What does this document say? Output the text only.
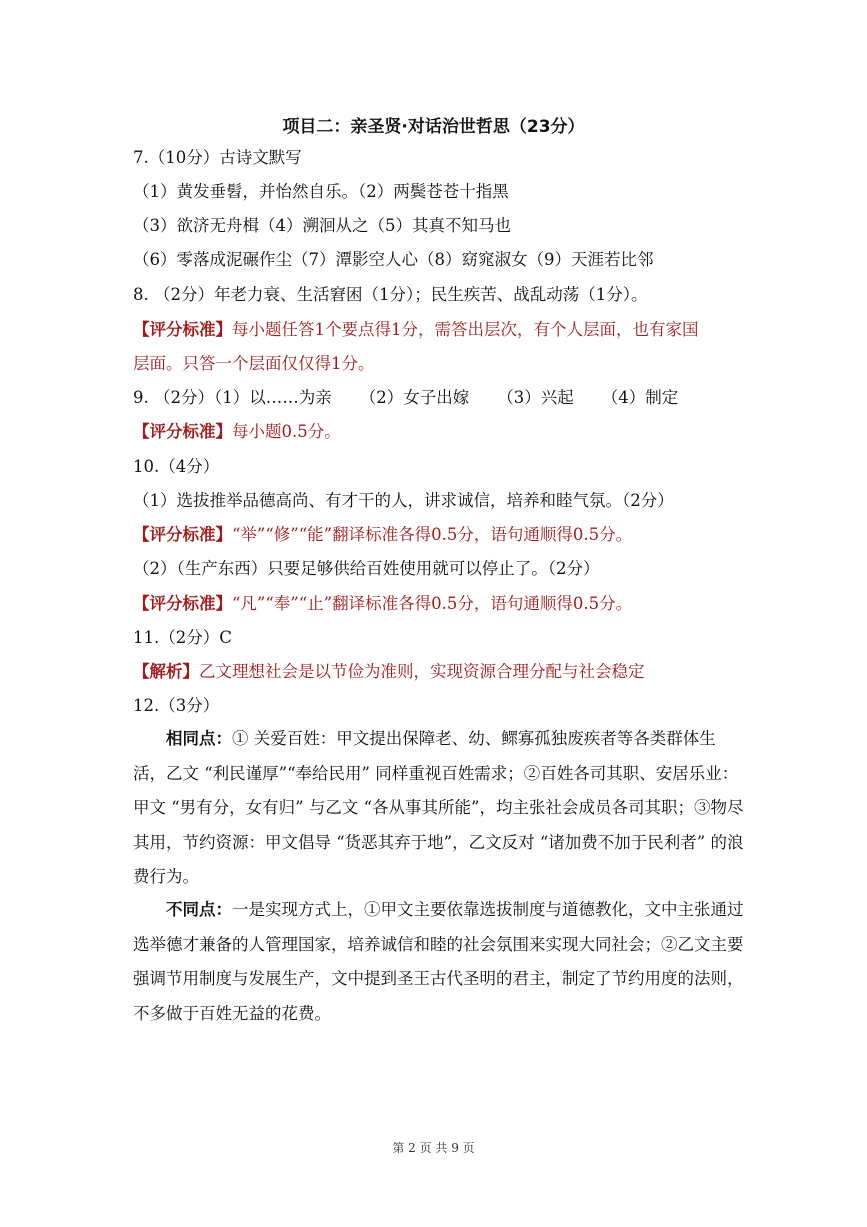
项目二：亲圣贤·对话治世哲思（23分）
7.（10分）古诗文默写
（1）黄发垂髫，并怡然自乐。（2）两鬓苍苍十指黑
（3）欲济无舟楫（4）溯洄从之（5）其真不知马也
（6）零落成泥碾作尘（7）潭影空人心（8）窈窕淑女（9）天涯若比邻
8. （2分）年老力衰、生活窘困（1分）；民生疾苦、战乱动荡（1分）。
【评分标准】每小题任答1个要点得1分，需答出层次，有个人层面，也有家国
层面。只答一个层面仅仅得1分。
9. （2分）（1）以……为亲 （2）女子出嫁 （3）兴起 （4）制定
【评分标准】每小题0.5分。
10.（4分）
（1）选拔推举品德高尚、有才干的人，讲求诚信，培养和睦气氛。（2分）
【评分标准】“举”“修”“能”翻译标准各得0.5分，语句通顺得0.5分。
（2）（生产东西）只要足够供给百姓使用就可以停止了。（2分）
【评分标准】“凡”“奉”“止”翻译标准各得0.5分，语句通顺得0.5分。
11.（2分）C
【解析】乙文理想社会是以节俭为准则，实现资源合理分配与社会稳定
12.（3分）
相同点：① 关爱百姓：甲文提出保障老、幼、鳏寡孤独废疾者等各类群体生活，乙文 “利民谨厚”“奉给民用” 同样重视百姓需求；②百姓各司其职、安居乐业：甲文 “男有分，女有归” 与乙文 “各从事其所能”，均主张社会成员各司其职；③物尽其用，节约资源：甲文倡导 “货恶其弃于地”，乙文反对 “诸加费不加于民利者” 的浪费行为。
不同点：一是实现方式上，①甲文主要依靠选拔制度与道德教化，文中主张通过选举德才兼备的人管理国家，培养诚信和睦的社会氛围来实现大同社会；②乙文主要强调节用制度与发展生产，文中提到圣王古代圣明的君主，制定了节约用度的法则，不多做于百姓无益的花费。
第 2 页 共 9 页
